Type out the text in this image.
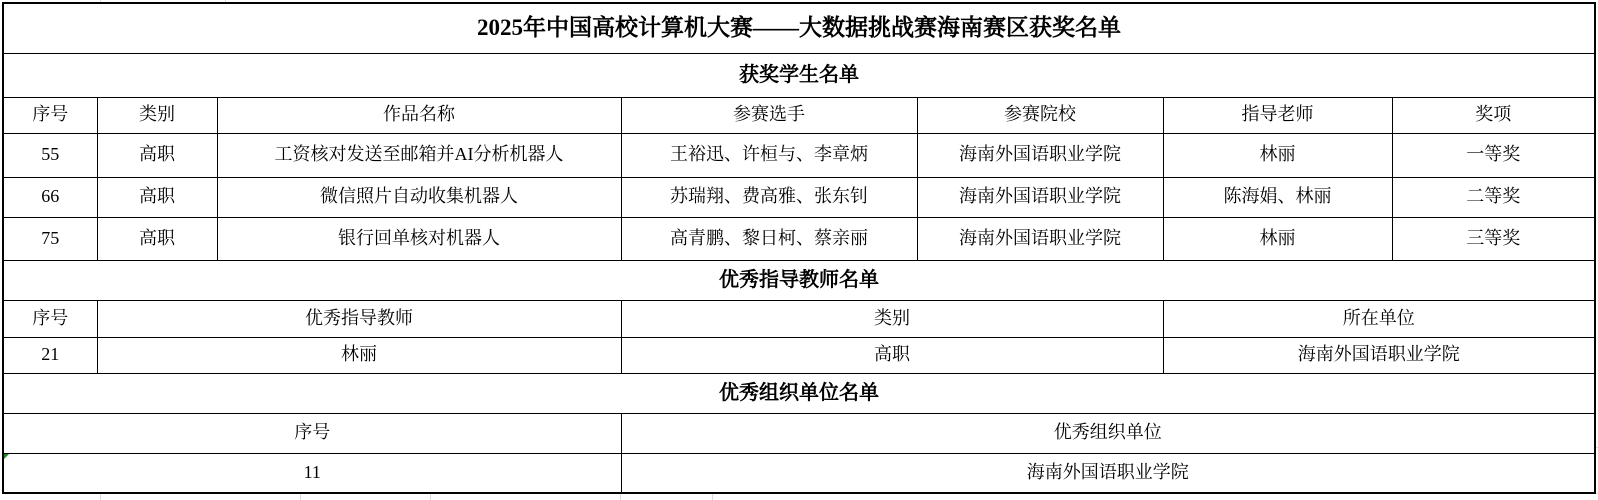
2025年中国高校计算机大赛——大数据挑战赛海南赛区获奖名单						
获奖学生名单						
序号	类别	作品名称	参赛选手	参赛院校	指导老师	奖项
55	高职	工资核对发送至邮箱并AI分析机器人	王裕迅、许桓与、李章炳	海南外国语职业学院	林丽	一等奖
66	高职	微信照片自动收集机器人	苏瑞翔、费高雅、张东钊	海南外国语职业学院	陈海娟、林丽	二等奖
75	高职	银行回单核对机器人	高青鹏、黎日柯、蔡亲丽	海南外国语职业学院	林丽	三等奖
优秀指导教师名单						
序号	优秀指导教师		类别		所在单位	
21	林丽		高职		海南外国语职业学院	
优秀组织单位名单						
序号			优秀组织单位			

11			海南外国语职业学院			
